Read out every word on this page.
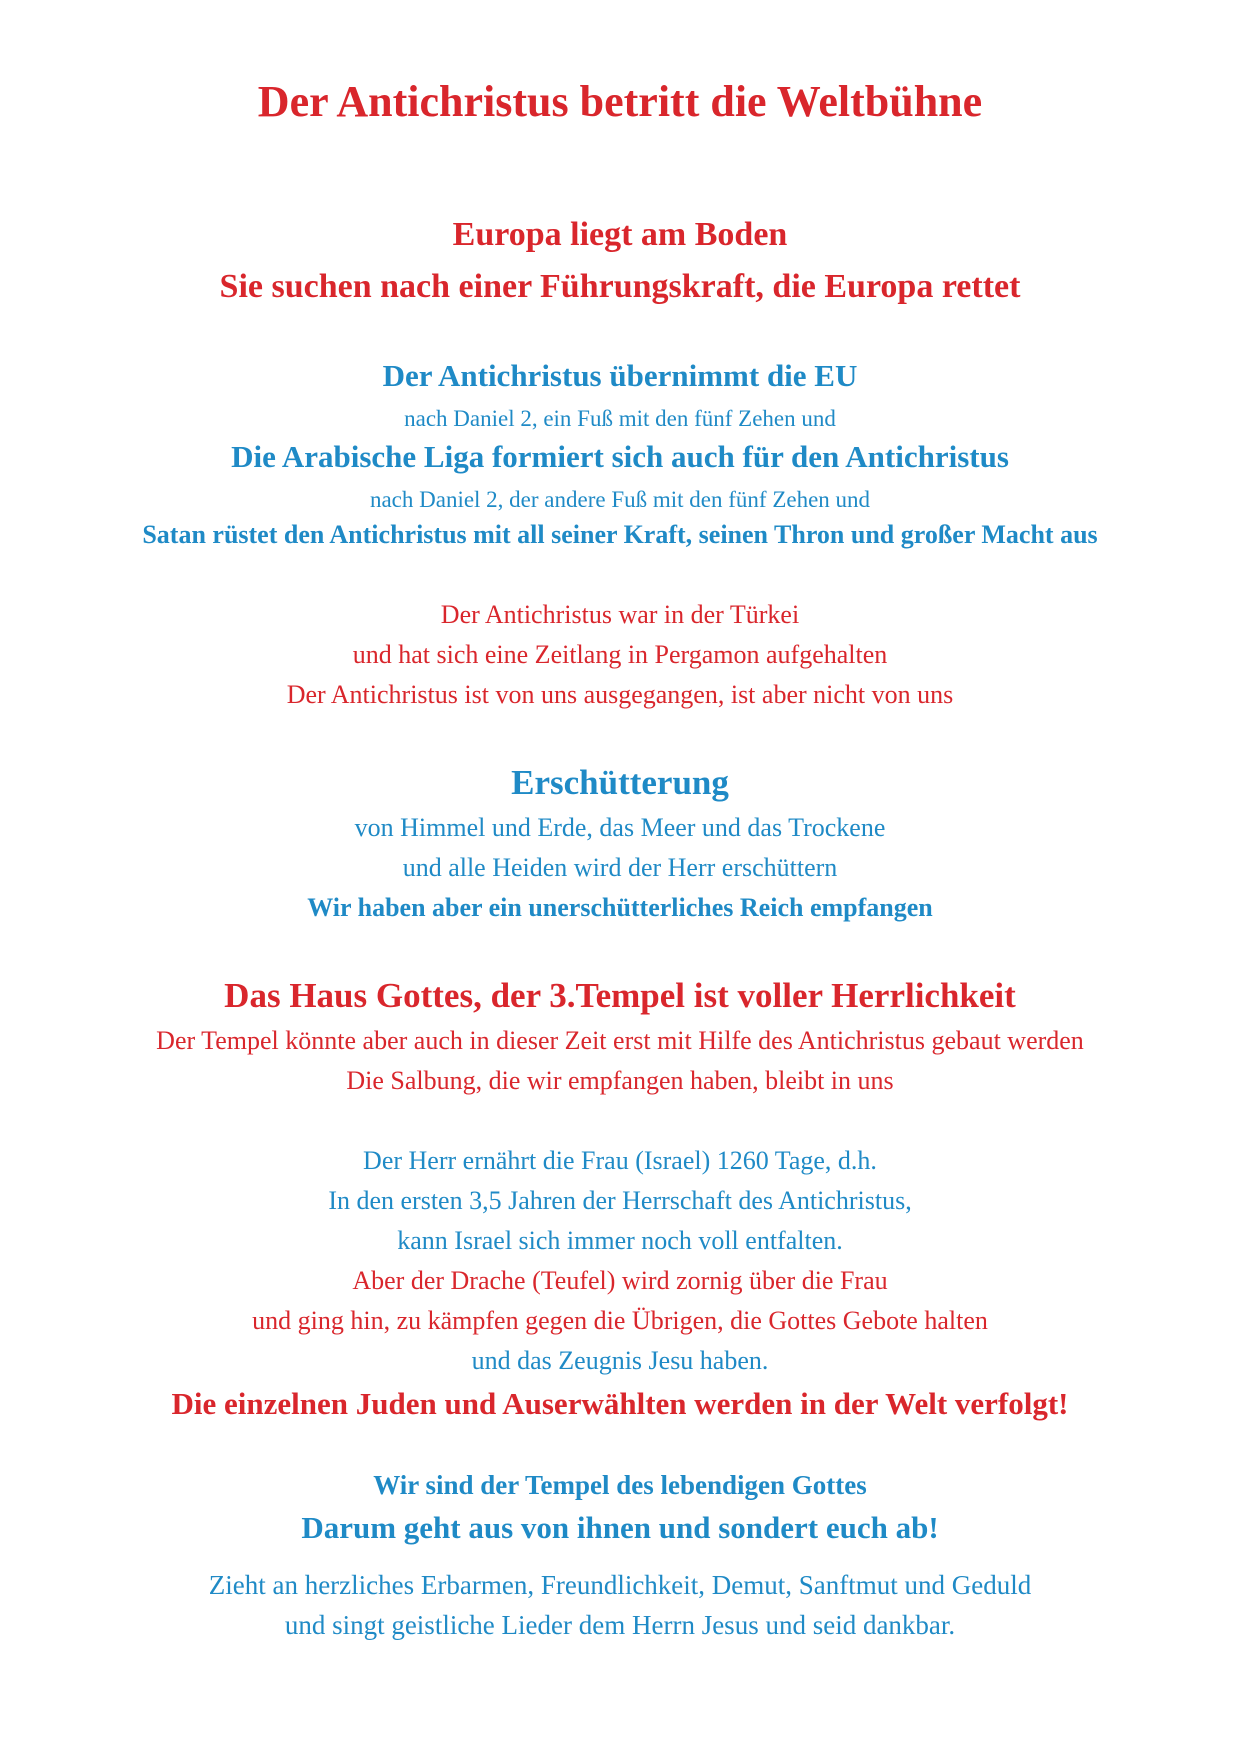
Der Antichristus betritt die Weltbühne
Europa liegt am Boden
Sie suchen nach einer Führungskraft, die Europa rettet
Der Antichristus übernimmt die EU
nach Daniel 2, ein Fuß mit den fünf Zehen und
Die Arabische Liga formiert sich auch für den Antichristus
nach Daniel 2, der andere Fuß mit den fünf Zehen und
Satan rüstet den Antichristus mit all seiner Kraft, seinen Thron und großer Macht aus
Der Antichristus war in der Türkei
und hat sich eine Zeitlang in Pergamon aufgehalten
Der Antichristus ist von uns ausgegangen, ist aber nicht von uns
Erschütterung
von Himmel und Erde, das Meer und das Trockene
und alle Heiden wird der Herr erschüttern
Wir haben aber ein unerschütterliches Reich empfangen
Das Haus Gottes, der 3.Tempel ist voller Herrlichkeit
Der Tempel könnte aber auch in dieser Zeit erst mit Hilfe des Antichristus gebaut werden
Die Salbung, die wir empfangen haben, bleibt in uns
Der Herr ernährt die Frau (Israel) 1260 Tage, d.h.
In den ersten 3,5 Jahren der Herrschaft des Antichristus,
kann Israel sich immer noch voll entfalten.
Aber der Drache (Teufel) wird zornig über die Frau
und ging hin, zu kämpfen gegen die Übrigen, die Gottes Gebote halten
und das Zeugnis Jesu haben.
Die einzelnen Juden und Auserwählten werden in der Welt verfolgt!
Wir sind der Tempel des lebendigen Gottes
Darum geht aus von ihnen und sondert euch ab!
Zieht an herzliches Erbarmen, Freundlichkeit, Demut, Sanftmut und Geduld
und singt geistliche Lieder dem Herrn Jesus und seid dankbar.
